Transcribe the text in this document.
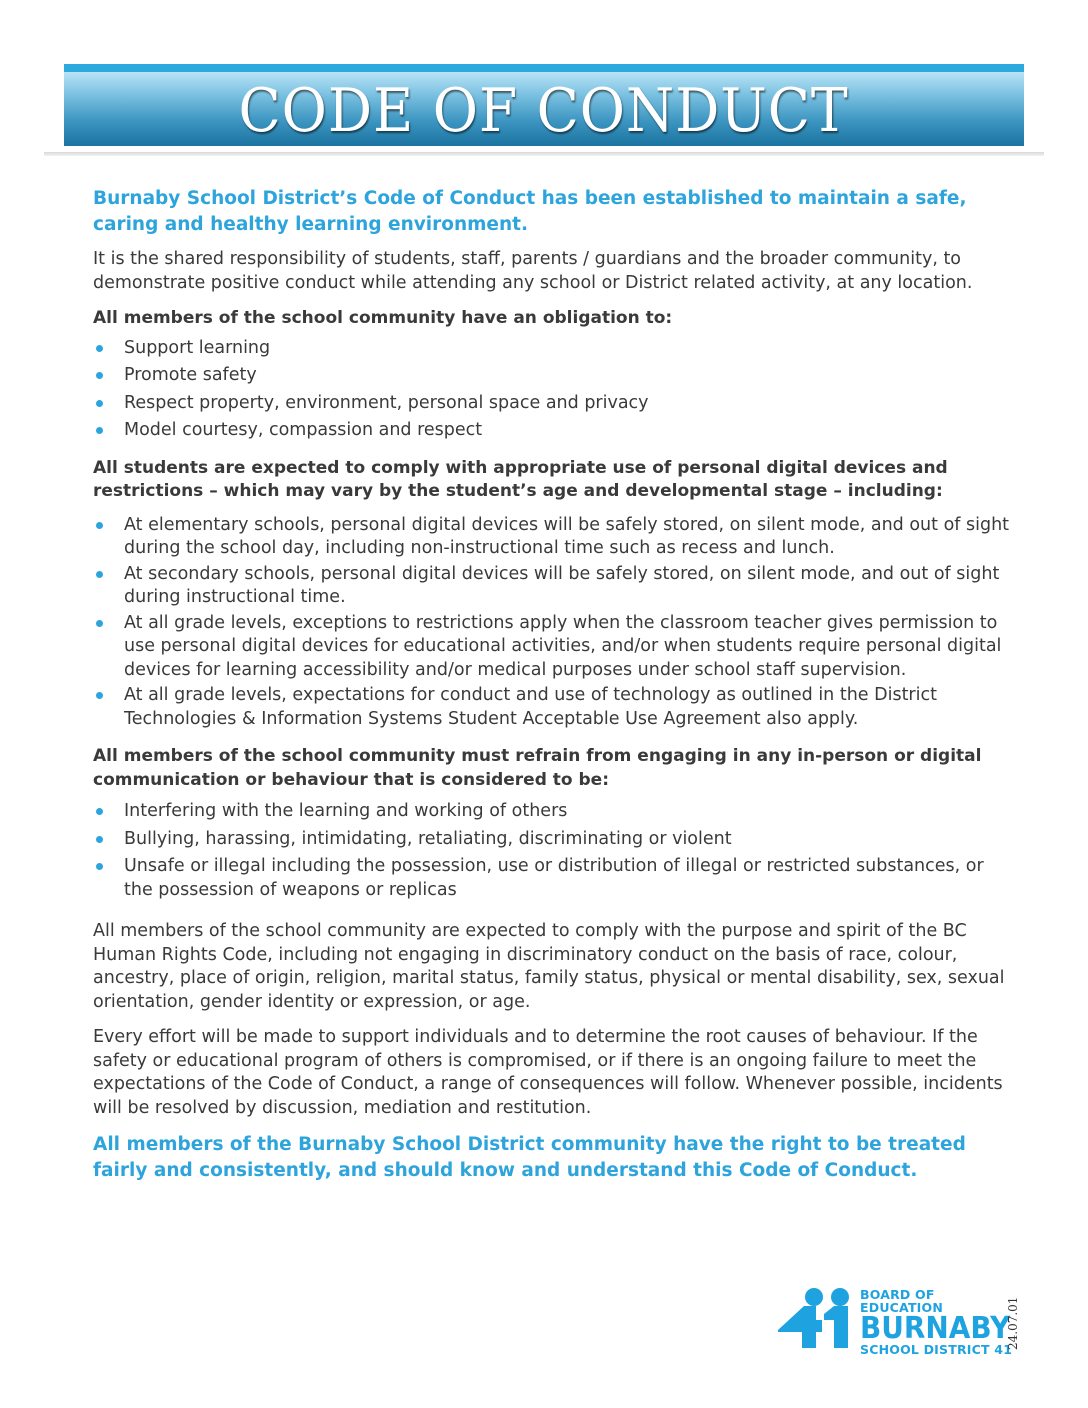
CODE OF CONDUCT

Burnaby School District’s Code of Conduct has been established to maintain a safe, caring and healthy learning environment.

It is the shared responsibility of students, staff, parents / guardians and the broader community, to demonstrate positive conduct while attending any school or District related activity, at any location.

All members of the school community have an obligation to:

Support learning
Promote safety
Respect property, environment, personal space and privacy
Model courtesy, compassion and respect

All students are expected to comply with appropriate use of personal digital devices and restrictions – which may vary by the student’s age and developmental stage – including:

At elementary schools, personal digital devices will be safely stored, on silent mode, and out of sight during the school day, including non-instructional time such as recess and lunch.
At secondary schools, personal digital devices will be safely stored, on silent mode, and out of sight during instructional time.
At all grade levels, exceptions to restrictions apply when the classroom teacher gives permission to use personal digital devices for educational activities, and/or when students require personal digital devices for learning accessibility and/or medical purposes under school staff supervision.
At all grade levels, expectations for conduct and use of technology as outlined in the District Technologies & Information Systems Student Acceptable Use Agreement also apply.

All members of the school community must refrain from engaging in any in-person or digital communication or behaviour that is considered to be:

Interfering with the learning and working of others
Bullying, harassing, intimidating, retaliating, discriminating or violent
Unsafe or illegal including the possession, use or distribution of illegal or restricted substances, or the possession of weapons or replicas

All members of the school community are expected to comply with the purpose and spirit of the BC Human Rights Code, including not engaging in discriminatory conduct on the basis of race, colour, ancestry, place of origin, religion, marital status, family status, physical or mental disability, sex, sexual orientation, gender identity or expression, or age.

Every effort will be made to support individuals and to determine the root causes of behaviour. If the safety or educational program of others is compromised, or if there is an ongoing failure to meet the expectations of the Code of Conduct, a range of consequences will follow. Whenever possible, incidents will be resolved by discussion, mediation and restitution.

All members of the Burnaby School District community have the right to be treated fairly and consistently, and should know and understand this Code of Conduct.

BOARD OF EDUCATION
BURNABY
SCHOOL DISTRICT 41
24.07.01
